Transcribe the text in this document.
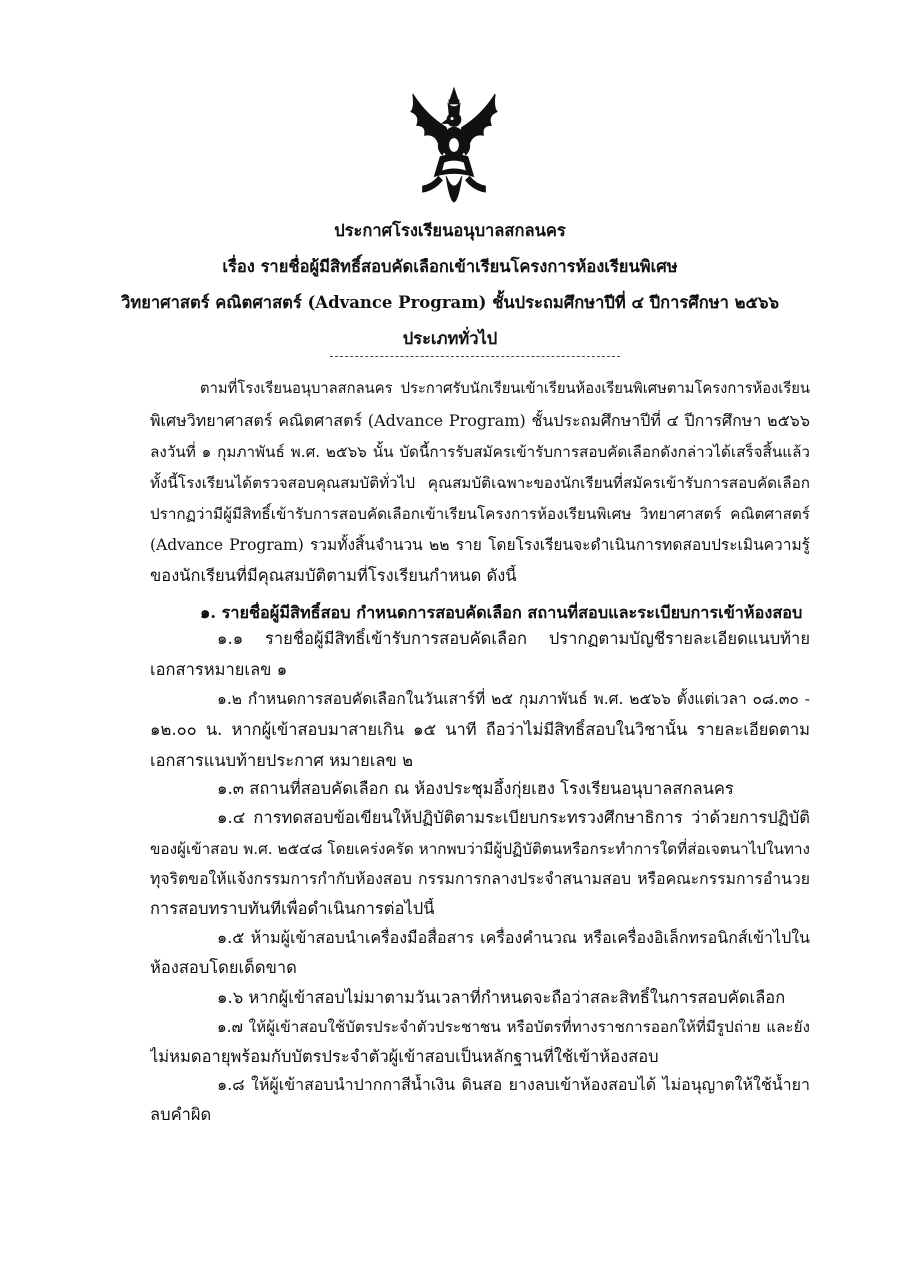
ประกาศโรงเรียนอนุบาลสกลนคร
เรื่อง รายชื่อผู้มีสิทธิ์สอบคัดเลือกเข้าเรียนโครงการห้องเรียนพิเศษ
วิทยาศาสตร์ คณิตศาสตร์ (Advance Program) ชั้นประถมศึกษาปีที่ ๔ ปีการศึกษา ๒๕๖๖
ประเภททั่วไป
ตามที่โรงเรียนอนุบาลสกลนคร ประกาศรับนักเรียนเข้าเรียนห้องเรียนพิเศษตามโครงการห้องเรียน
พิเศษวิทยาศาสตร์ คณิตศาสตร์ (Advance Program) ชั้นประถมศึกษาปีที่ ๔ ปีการศึกษา ๒๕๖๖
ลงวันที่ ๑ กุมภาพันธ์ พ.ศ. ๒๕๖๖ นั้น บัดนี้การรับสมัครเข้ารับการสอบคัดเลือกดังกล่าวได้เสร็จสิ้นแล้ว
ทั้งนี้โรงเรียนได้ตรวจสอบคุณสมบัติทั่วไป คุณสมบัติเฉพาะของนักเรียนที่สมัครเข้ารับการสอบคัดเลือก
ปรากฏว่ามีผู้มีสิทธิ์เข้ารับการสอบคัดเลือกเข้าเรียนโครงการห้องเรียนพิเศษ วิทยาศาสตร์ คณิตศาสตร์
(Advance Program) รวมทั้งสิ้นจำนวน ๒๒ ราย โดยโรงเรียนจะดำเนินการทดสอบประเมินความรู้
ของนักเรียนที่มีคุณสมบัติตามที่โรงเรียนกำหนด ดังนี้
๑. รายชื่อผู้มีสิทธิ์สอบ กำหนดการสอบคัดเลือก สถานที่สอบและระเบียบการเข้าห้องสอบ
๑.๑ รายชื่อผู้มีสิทธิ์เข้ารับการสอบคัดเลือก ปรากฏตามบัญชีรายละเอียดแนบท้าย
เอกสารหมายเลข ๑
๑.๒ กำหนดการสอบคัดเลือกในวันเสาร์ที่ ๒๕ กุมภาพันธ์ พ.ศ. ๒๕๖๖ ตั้งแต่เวลา ๐๘.๓๐ -
๑๒.๐๐ น. หากผู้เข้าสอบมาสายเกิน ๑๕ นาที ถือว่าไม่มีสิทธิ์สอบในวิชานั้น รายละเอียดตาม
เอกสารแนบท้ายประกาศ หมายเลข ๒
๑.๓ สถานที่สอบคัดเลือก ณ ห้องประชุมอึ้งกุ่ยเฮง โรงเรียนอนุบาลสกลนคร
๑.๔ การทดสอบข้อเขียนให้ปฏิบัติตามระเบียบกระทรวงศึกษาธิการ ว่าด้วยการปฏิบัติ
ของผู้เข้าสอบ พ.ศ. ๒๕๔๘ โดยเคร่งครัด หากพบว่ามีผู้ปฏิบัติตนหรือกระทำการใดที่ส่อเจตนาไปในทาง
ทุจริตขอให้แจ้งกรรมการกำกับห้องสอบ กรรมการกลางประจำสนามสอบ หรือคณะกรรมการอำนวย
การสอบทราบทันทีเพื่อดำเนินการต่อไปนี้
๑.๕ ห้ามผู้เข้าสอบนำเครื่องมือสื่อสาร เครื่องคำนวณ หรือเครื่องอิเล็กทรอนิกส์เข้าไปใน
ห้องสอบโดยเด็ดขาด
๑.๖ หากผู้เข้าสอบไม่มาตามวันเวลาที่กำหนดจะถือว่าสละสิทธิ์ในการสอบคัดเลือก
๑.๗ ให้ผู้เข้าสอบใช้บัตรประจำตัวประชาชน หรือบัตรที่ทางราชการออกให้ที่มีรูปถ่าย และยัง
ไม่หมดอายุพร้อมกับบัตรประจำตัวผู้เข้าสอบเป็นหลักฐานที่ใช้เข้าห้องสอบ
๑.๘ ให้ผู้เข้าสอบนำปากกาสีน้ำเงิน ดินสอ ยางลบเข้าห้องสอบได้ ไม่อนุญาตให้ใช้น้ำยา
ลบคำผิด
